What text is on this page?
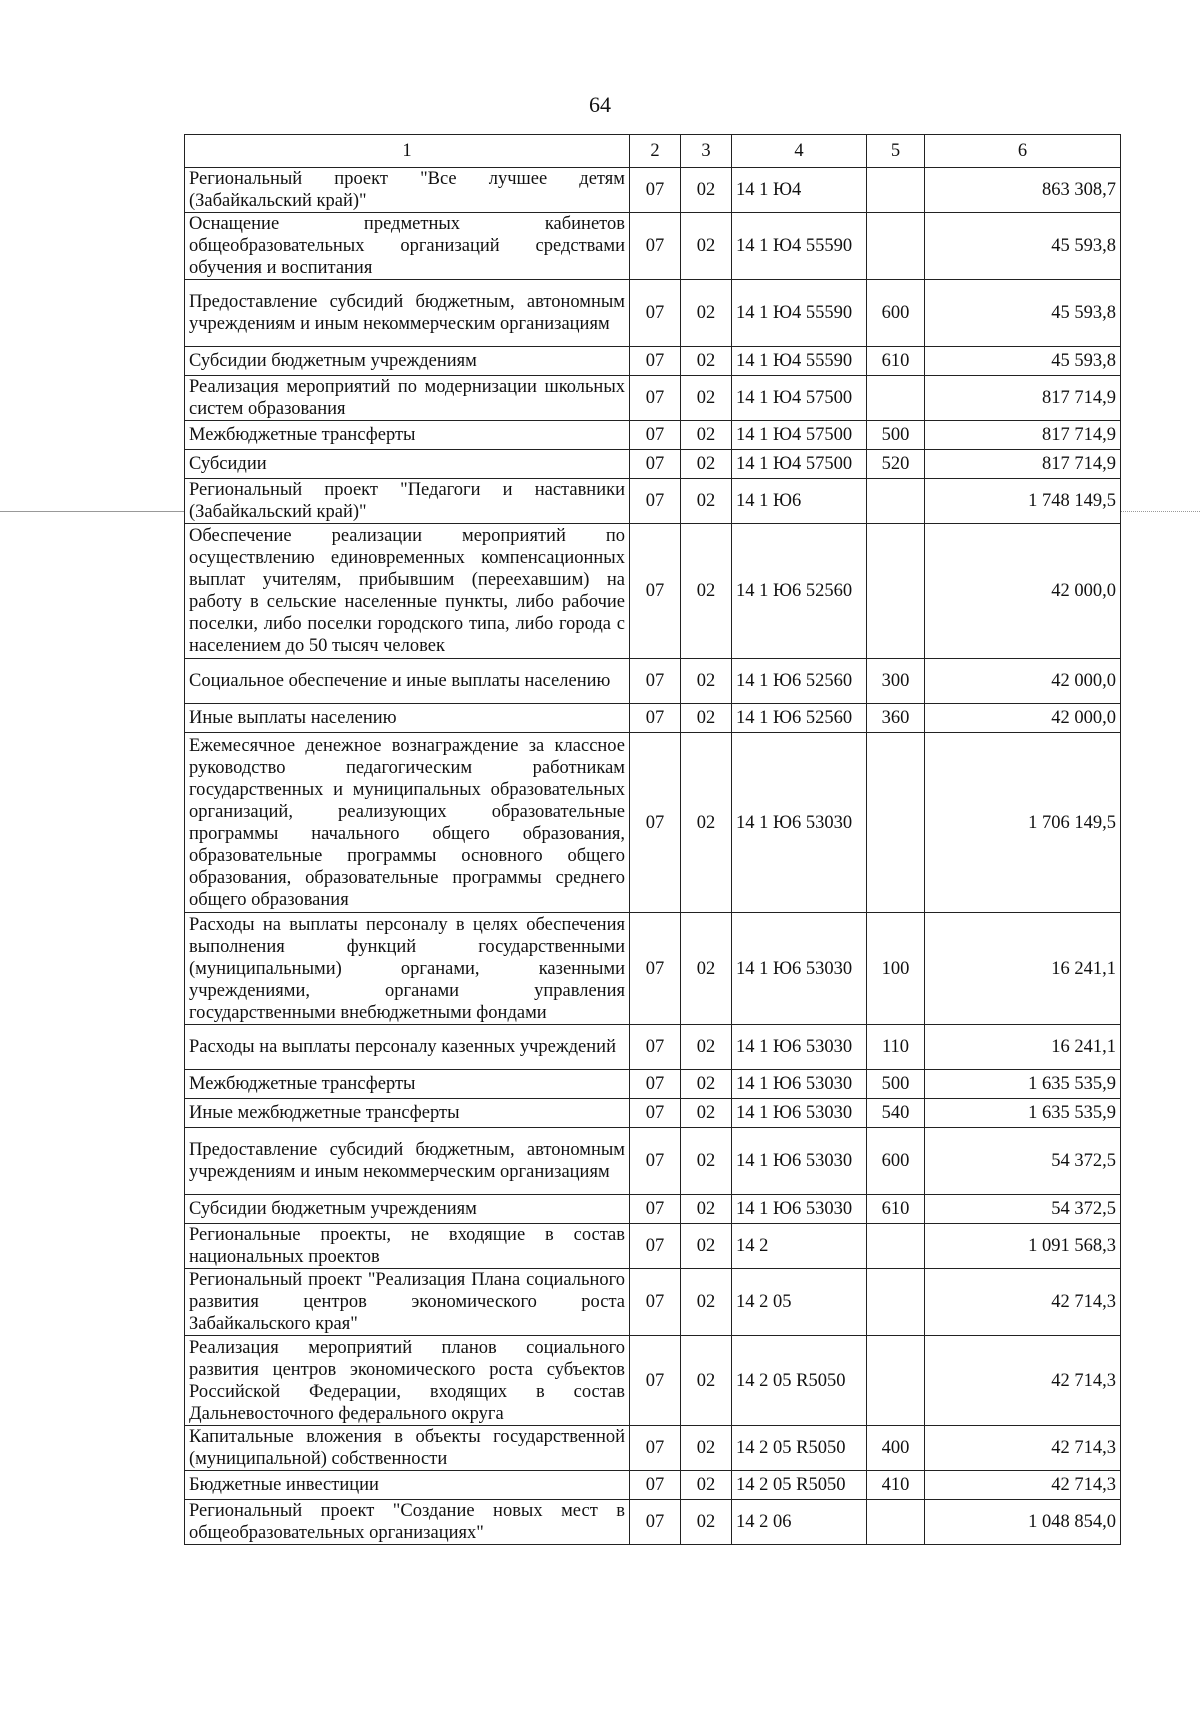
64
1	2	3	4	5	6
Региональный проект "Все лучшее детям (Забайкальский край)"	07	02	14 1 Ю4		863 308,7
Оснащение предметных кабинетов общеобразовательных организаций средствами обучения и воспитания	07	02	14 1 Ю4 55590		45 593,8
Предоставление субсидий бюджетным, автономным учреждениям и иным некоммерческим организациям	07	02	14 1 Ю4 55590	600	45 593,8
Субсидии бюджетным учреждениям	07	02	14 1 Ю4 55590	610	45 593,8
Реализация мероприятий по модернизации школьных систем образования	07	02	14 1 Ю4 57500		817 714,9
Межбюджетные трансферты	07	02	14 1 Ю4 57500	500	817 714,9
Субсидии	07	02	14 1 Ю4 57500	520	817 714,9
Региональный проект "Педагоги и наставники (Забайкальский край)"	07	02	14 1 Ю6		1 748 149,5
Обеспечение реализации мероприятий по осуществлению единовременных компенсационных выплат учителям, прибывшим (переехавшим) на работу в сельские населенные пункты, либо рабочие поселки, либо поселки городского типа, либо города с населением до 50 тысяч человек	07	02	14 1 Ю6 52560		42 000,0
Социальное обеспечение и иные выплаты населению	07	02	14 1 Ю6 52560	300	42 000,0
Иные выплаты населению	07	02	14 1 Ю6 52560	360	42 000,0
Ежемесячное денежное вознаграждение за классное руководство педагогическим работникам государственных и муниципальных образовательных организаций, реализующих образовательные программы начального общего образования, образовательные программы основного общего образования, образовательные программы среднего общего образования	07	02	14 1 Ю6 53030		1 706 149,5
Расходы на выплаты персоналу в целях обеспечения выполнения функций государственными (муниципальными) органами, казенными учреждениями, органами управления государственными внебюджетными фондами	07	02	14 1 Ю6 53030	100	16 241,1
Расходы на выплаты персоналу казенных учреждений	07	02	14 1 Ю6 53030	110	16 241,1
Межбюджетные трансферты	07	02	14 1 Ю6 53030	500	1 635 535,9
Иные межбюджетные трансферты	07	02	14 1 Ю6 53030	540	1 635 535,9
Предоставление субсидий бюджетным, автономным учреждениям и иным некоммерческим организациям	07	02	14 1 Ю6 53030	600	54 372,5
Субсидии бюджетным учреждениям	07	02	14 1 Ю6 53030	610	54 372,5
Региональные проекты, не входящие в состав национальных проектов	07	02	14 2		1 091 568,3
Региональный проект "Реализация Плана социального развития центров экономического роста Забайкальского края"	07	02	14 2 05		42 714,3
Реализация мероприятий планов социального развития центров экономического роста субъектов Российской Федерации, входящих в состав Дальневосточного федерального округа	07	02	14 2 05 R5050		42 714,3
Капитальные вложения в объекты государственной (муниципальной) собственности	07	02	14 2 05 R5050	400	42 714,3
Бюджетные инвестиции	07	02	14 2 05 R5050	410	42 714,3
Региональный проект "Создание новых мест в общеобразовательных организациях"	07	02	14 2 06		1 048 854,0
